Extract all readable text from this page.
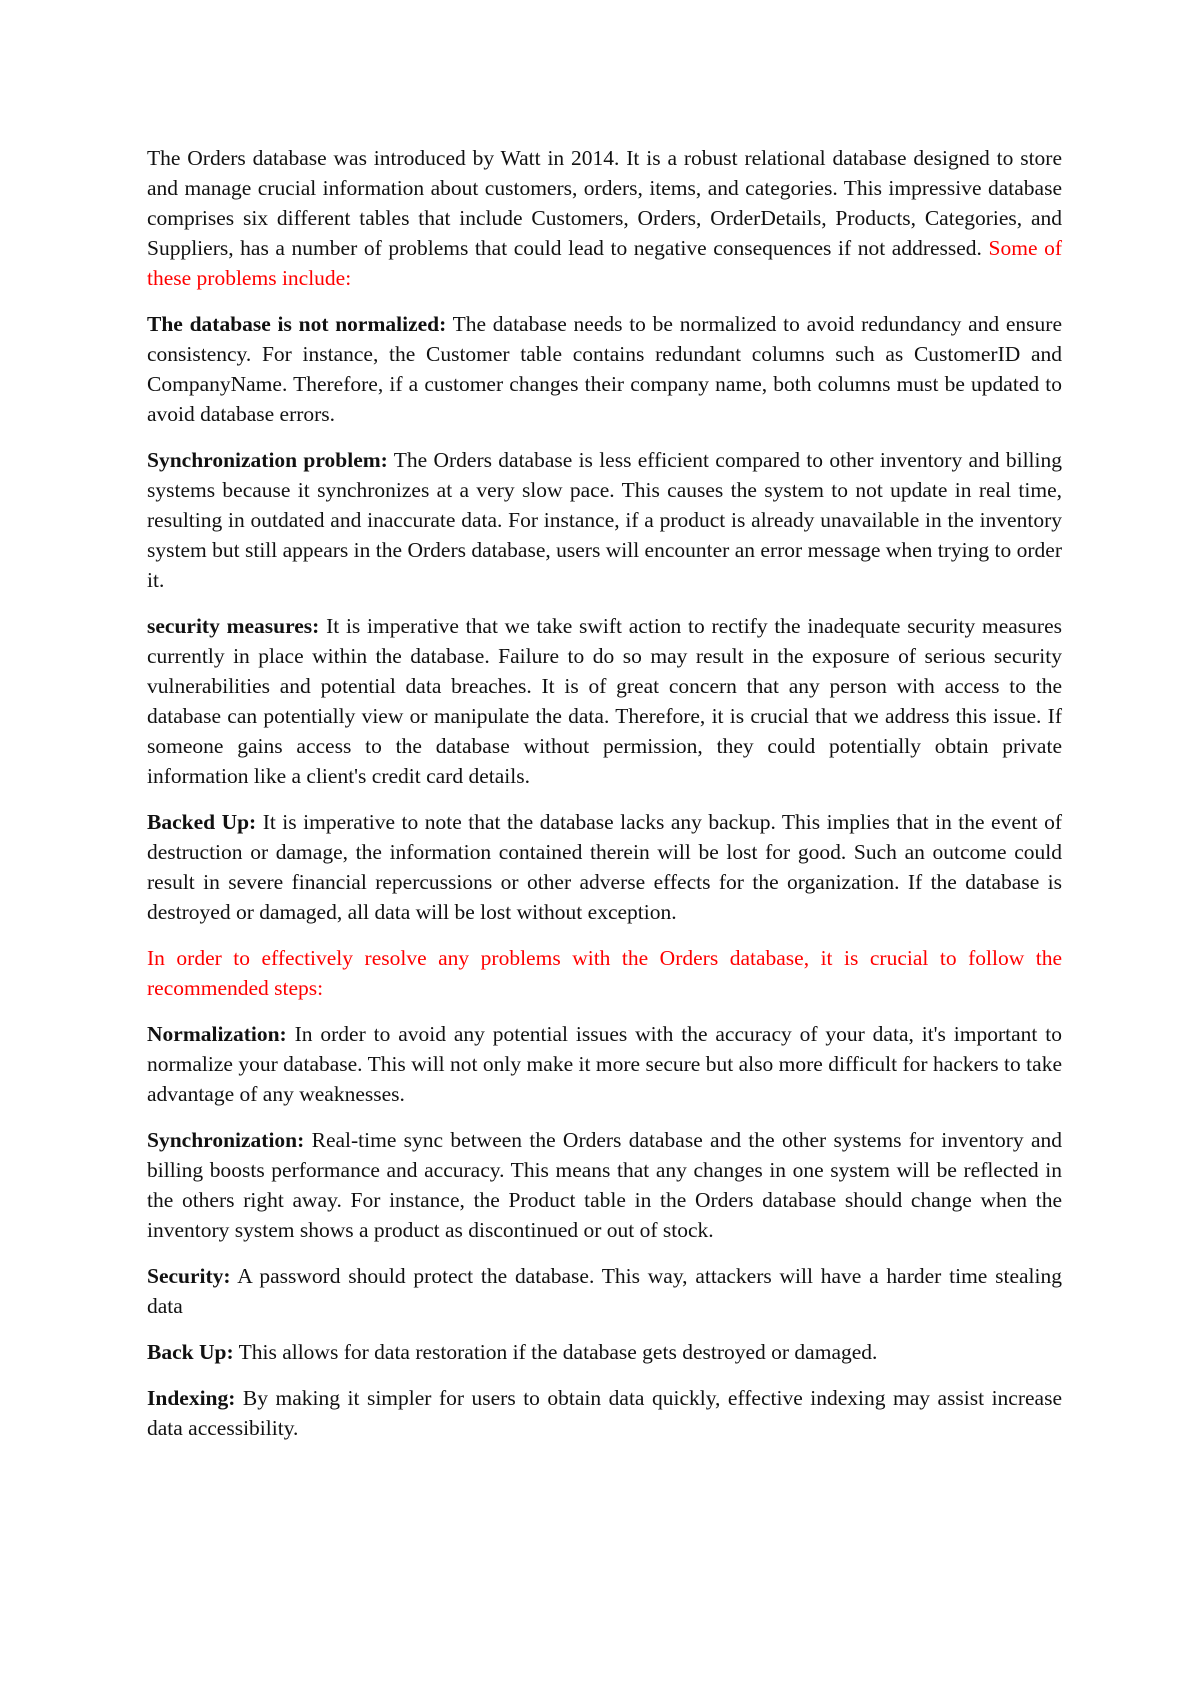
The Orders database was introduced by Watt in 2014. It is a robust relational database designed to store and manage crucial information about customers, orders, items, and categories. This impressive database comprises six different tables that include Customers, Orders, OrderDetails, Products, Categories, and Suppliers, has a number of problems that could lead to negative consequences if not addressed. Some of these problems include:

The database is not normalized: The database needs to be normalized to avoid redundancy and ensure consistency. For instance, the Customer table contains redundant columns such as CustomerID and CompanyName. Therefore, if a customer changes their company name, both columns must be updated to avoid database errors.

Synchronization problem: The Orders database is less efficient compared to other inventory and billing systems because it synchronizes at a very slow pace. This causes the system to not update in real time, resulting in outdated and inaccurate data. For instance, if a product is already unavailable in the inventory system but still appears in the Orders database, users will encounter an error message when trying to order it.

security measures: It is imperative that we take swift action to rectify the inadequate security measures currently in place within the database. Failure to do so may result in the exposure of serious security vulnerabilities and potential data breaches. It is of great concern that any person with access to the database can potentially view or manipulate the data. Therefore, it is crucial that we address this issue. If someone gains access to the database without permission, they could potentially obtain private information like a client's credit card details.

Backed Up: It is imperative to note that the database lacks any backup. This implies that in the event of destruction or damage, the information contained therein will be lost for good. Such an outcome could result in severe financial repercussions or other adverse effects for the organization. If the database is destroyed or damaged, all data will be lost without exception.

In order to effectively resolve any problems with the Orders database, it is crucial to follow the recommended steps:

Normalization: In order to avoid any potential issues with the accuracy of your data, it's important to normalize your database. This will not only make it more secure but also more difficult for hackers to take advantage of any weaknesses.

Synchronization: Real-time sync between the Orders database and the other systems for inventory and billing boosts performance and accuracy. This means that any changes in one system will be reflected in the others right away. For instance, the Product table in the Orders database should change when the inventory system shows a product as discontinued or out of stock.

Security: A password should protect the database. This way, attackers will have a harder time stealing data

Back Up: This allows for data restoration if the database gets destroyed or damaged.

Indexing: By making it simpler for users to obtain data quickly, effective indexing may assist increase data accessibility.
